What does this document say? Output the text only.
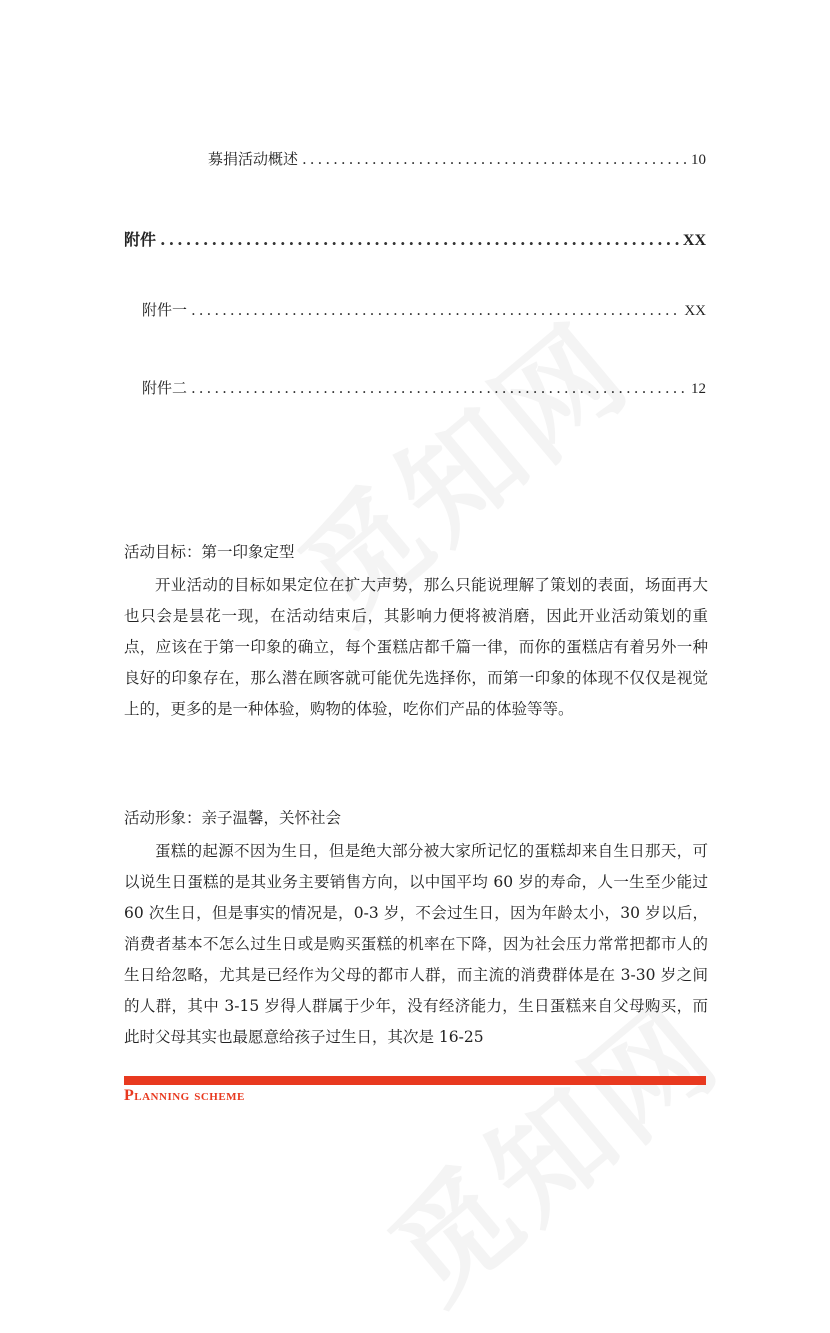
募捐活动概述 .....	10
附件 .....	XX
附件一 .....	XX
附件二 .....	12

活动目标：第一印象定型

开业活动的目标如果定位在扩大声势，那么只能说理解了策划的表面，场面再大也只会是昙花一现，在活动结束后，其影响力便将被消磨，因此开业活动策划的重点，应该在于第一印象的确立，每个蛋糕店都千篇一律，而你的蛋糕店有着另外一种良好的印象存在，那么潜在顾客就可能优先选择你，而第一印象的体现不仅仅是视觉上的，更多的是一种体验，购物的体验，吃你们产品的体验等等。

活动形象：亲子温馨，关怀社会

蛋糕的起源不因为生日，但是绝大部分被大家所记忆的蛋糕却来自生日那天，可以说生日蛋糕的是其业务主要销售方向，以中国平均 60 岁的寿命，人一生至少能过 60 次生日，但是事实的情况是，0-3 岁，不会过生日，因为年龄太小，30 岁以后，消费者基本不怎么过生日或是购买蛋糕的机率在下降，因为社会压力常常把都市人的生日给忽略，尤其是已经作为父母的都市人群，而主流的消费群体是在 3-30 岁之间的人群，其中 3-15 岁得人群属于少年，没有经济能力，生日蛋糕来自父母购买，而此时父母其实也最愿意给孩子过生日，其次是 16-25

Planning scheme
